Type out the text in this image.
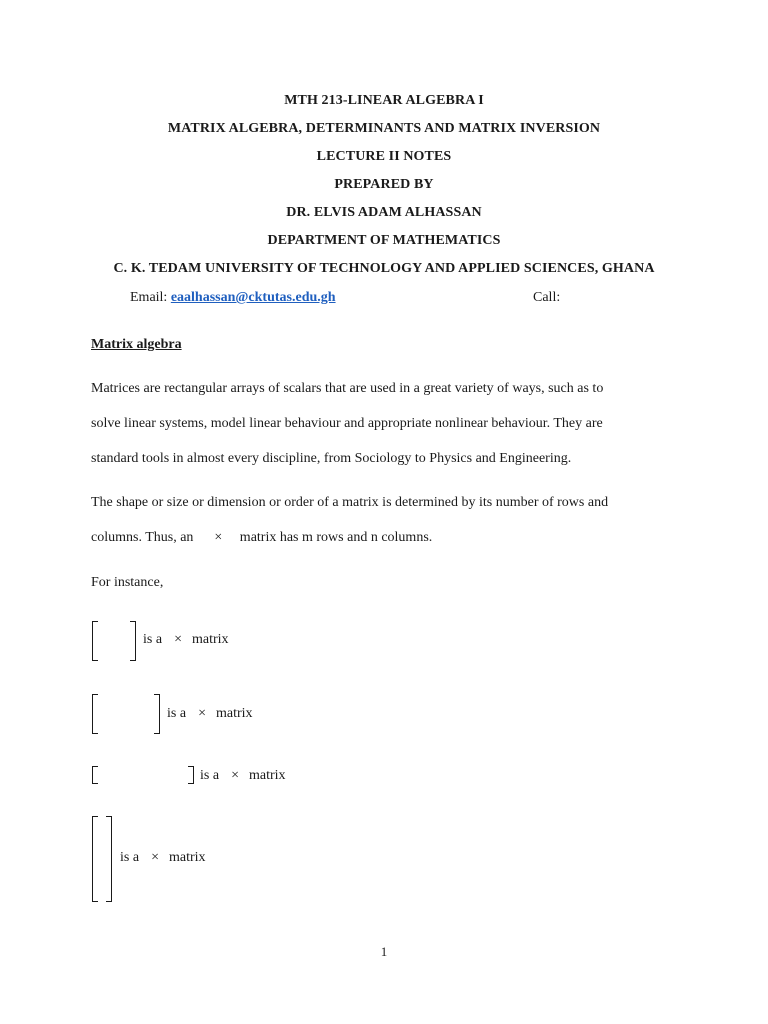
MTH 213-LINEAR ALGEBRA I
MATRIX ALGEBRA, DETERMINANTS AND MATRIX INVERSION
LECTURE II NOTES
PREPARED BY
DR. ELVIS ADAM ALHASSAN
DEPARTMENT OF MATHEMATICS
C. K. TEDAM UNIVERSITY OF TECHNOLOGY AND APPLIED SCIENCES, GHANA
Email: eaalhassan@cktutas.edu.gh	Call:
Matrix algebra
Matrices are rectangular arrays of scalars that are used in a great variety of ways, such as to
solve linear systems, model linear behaviour and appropriate nonlinear behaviour. They are
standard tools in almost every discipline, from Sociology to Physics and Engineering.
The shape or size or dimension or order of a matrix is determined by its number of rows and
columns. Thus, an      ×     matrix has m rows and n columns.
For instance,
is a × matrix
is a × matrix
is a × matrix
is a × matrix
1
